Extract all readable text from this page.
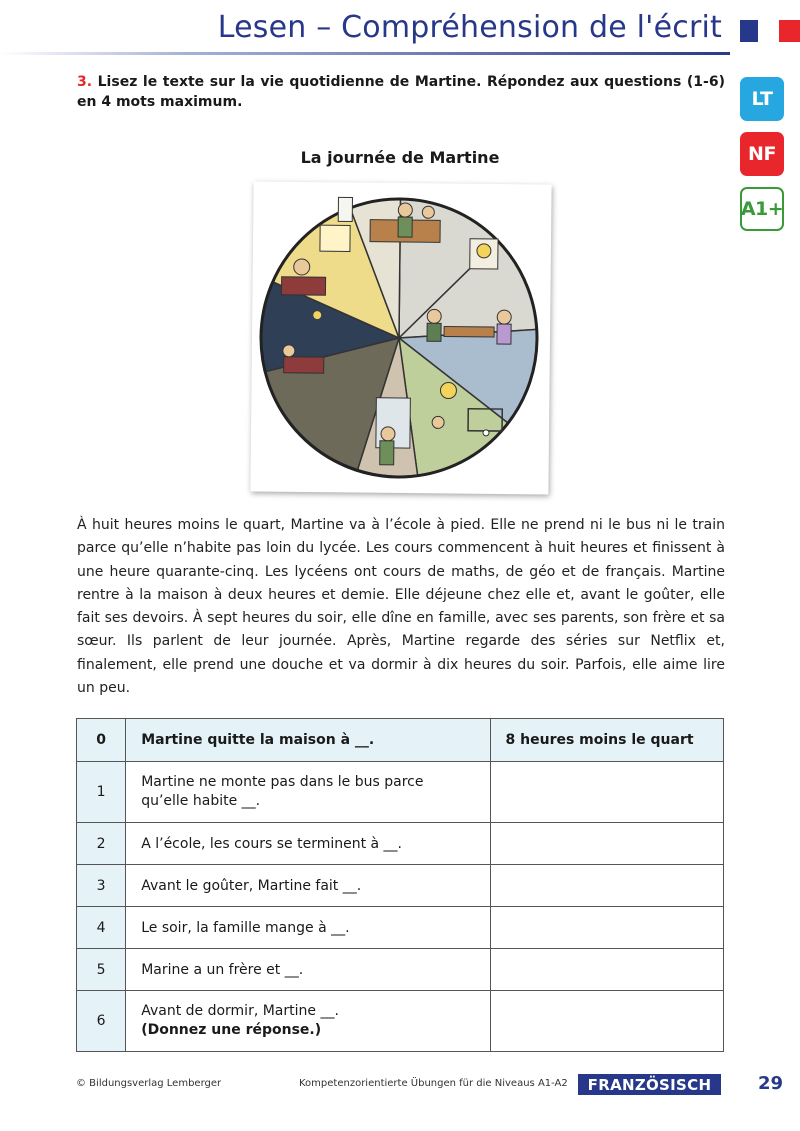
Lesen – Compréhension de l'écrit
LT
NF
A1+
3. Lisez le texte sur la vie quotidienne de Martine. Répondez aux questions (1-6) en 4 mots maximum.
La journée de Martine
À huit heures moins le quart, Martine va à l’école à pied. Elle ne prend ni le bus ni le train parce qu’elle n’habite pas loin du lycée. Les cours commencent à huit heures et finissent à une heure quarante-cinq. Les lycéens ont cours de maths, de géo et de français. Martine rentre à la maison à deux heures et demie. Elle déjeune chez elle et, avant le goûter, elle fait ses devoirs. À sept heures du soir, elle dîne en famille, avec ses parents, son frère et sa sœur. Ils parlent de leur journée. Après, Martine regarde des séries sur Netflix et, finalement, elle prend une douche et va dormir à dix heures du soir. Parfois, elle aime lire un peu.
0	Martine quitte la maison à __.	8 heures moins le quart
1	Martine ne monte pas dans le bus parce
qu’elle habite __.	

2	A l’école, les cours se terminent à __.	
3	Avant le goûter, Martine fait __.	
4	Le soir, la famille mange à __.	
5	Marine a un frère et __.	
6	Avant de dormir, Martine __.
(Donnez une réponse.)	

© Bildungsverlag Lemberger	Kompetenzorientierte Übungen für die Niveaus A1-A2	FRANZÖSISCH	29
